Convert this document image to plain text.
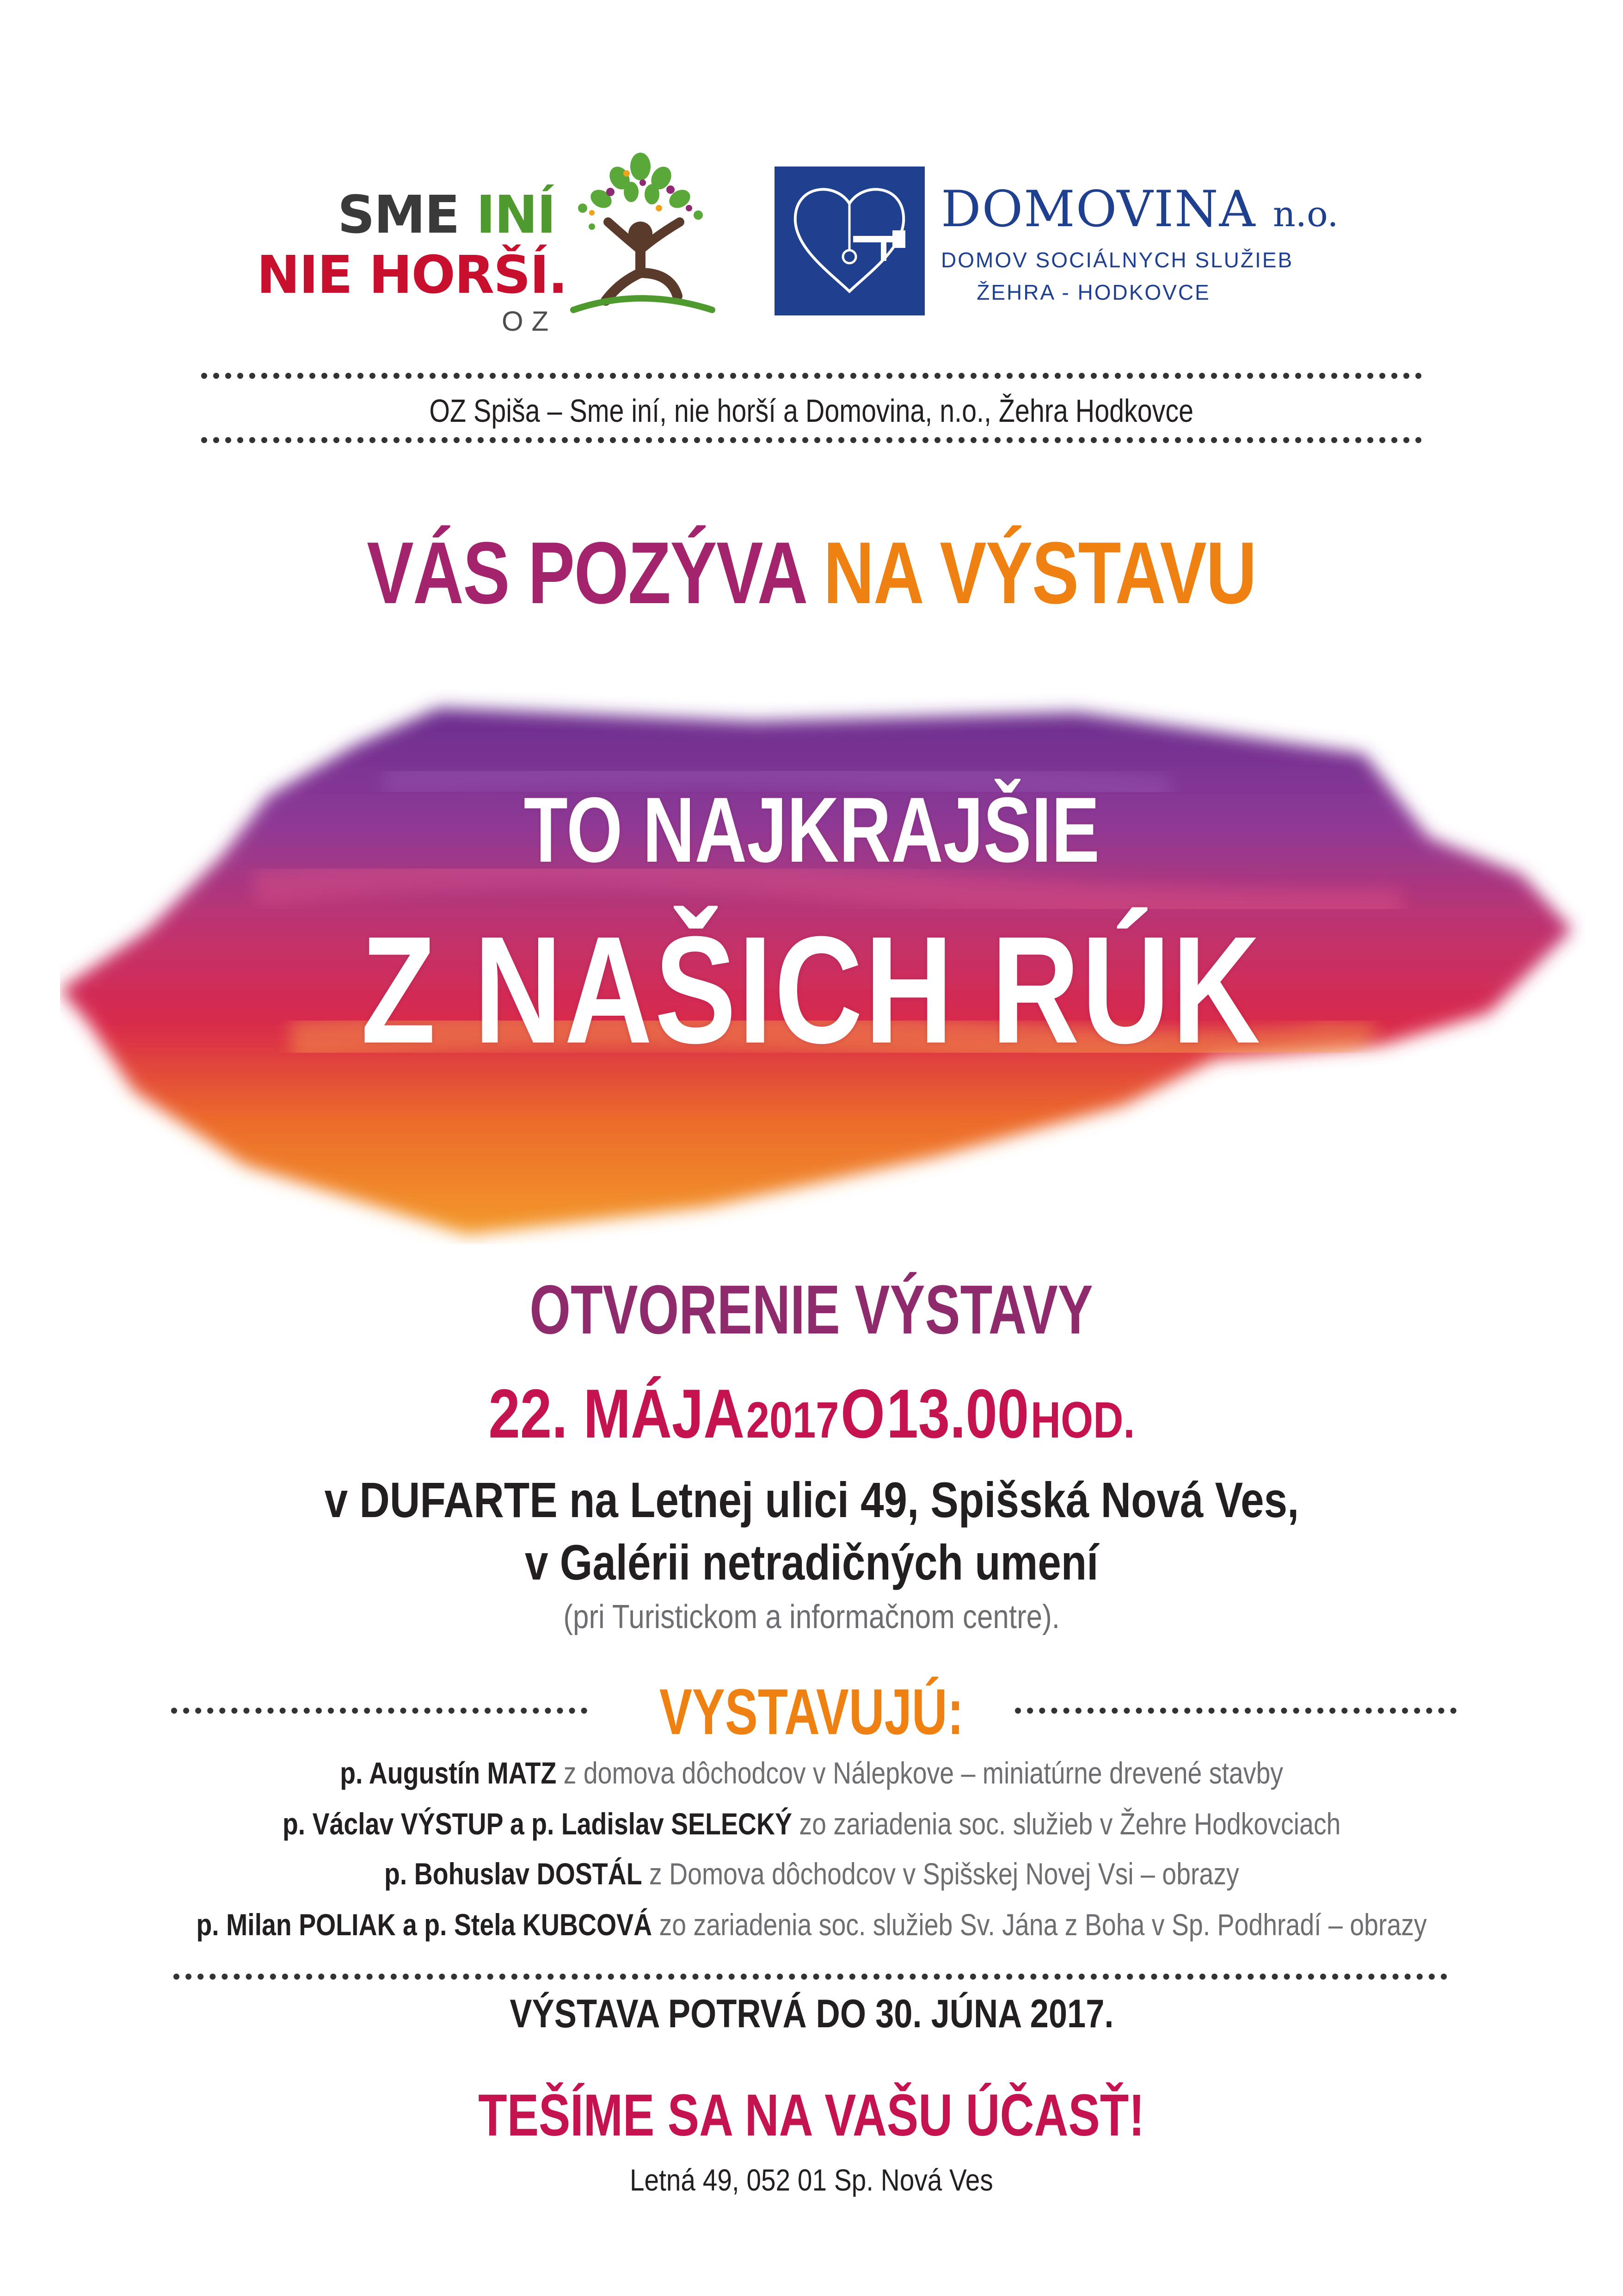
SME INÍ
NIE HORŠÍ.
OZ
DOMOVINA n.o.
DOMOV SOCIÁLNYCH SLUŽIEB
ŽEHRA - HODKOVCE
OZ Spiša – Sme iní, nie horší a Domovina, n.o., Žehra Hodkovce
VÁS POZÝVA NA VÝSTAVU
TO NAJKRAJŠIE
Z NAŠICH RÚK
OTVORENIE VÝSTAVY
22. MÁJA 2017 O 13.00 HOD.
v DUFARTE na Letnej ulici 49, Spišská Nová Ves,
v Galérii netradičných umení
(pri Turistickom a informačnom centre).
VYSTAVUJÚ:
p. Augustín MATZ z domova dôchodcov v Nálepkove – miniatúrne drevené stavby
p. Václav VÝSTUP a p. Ladislav SELECKÝ zo zariadenia soc. služieb v Žehre Hodkovciach
p. Bohuslav DOSTÁL z Domova dôchodcov v Spišskej Novej Vsi – obrazy
p. Milan POLIAK a p. Stela KUBCOVÁ zo zariadenia soc. služieb Sv. Jána z Boha v Sp. Podhradí – obrazy
VÝSTAVA POTRVÁ DO 30. JÚNA 2017.
TEŠÍME SA NA VAŠU ÚČASŤ!
Letná 49, 052 01 Sp. Nová Ves
